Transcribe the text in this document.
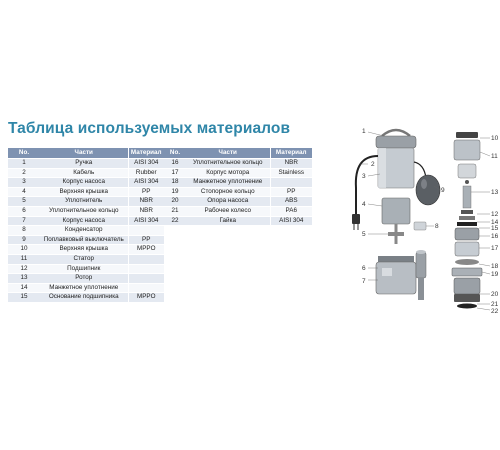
Таблица используемых материалов
No.	Части	Материал
1	Ручка	AISI 304
2	Кабель	Rubber
3	Корпус насоса	AISI 304
4	Верхняя крышка	PP
5	Уплотнитель	NBR
6	Уплотнительное кольцо	NBR
7	Корпус насоса	AISI 304
8	Конденсатор	
9	Поплавковый выключатель	PP
10	Верхняя крышка	MPPO
11	Статор	
12	Подшипник	
13	Ротор	
14	Манжетное уплотнение	
15	Основание подшипника	MPPO
No.	Части	Материал
16	Уплотнительное кольцо	NBR
17	Корпус мотора	Stainless
18	Манжетное уплотнение	
19	Стопорное кольцо	PP
20	Опора насоса	ABS
21	Рабочее колесо	PA6
22	Гайка	AISI 304
1
2
3
4
5
6
7
8
9
10
11
12
13
14
15
16
17
18
19
20
21
22
